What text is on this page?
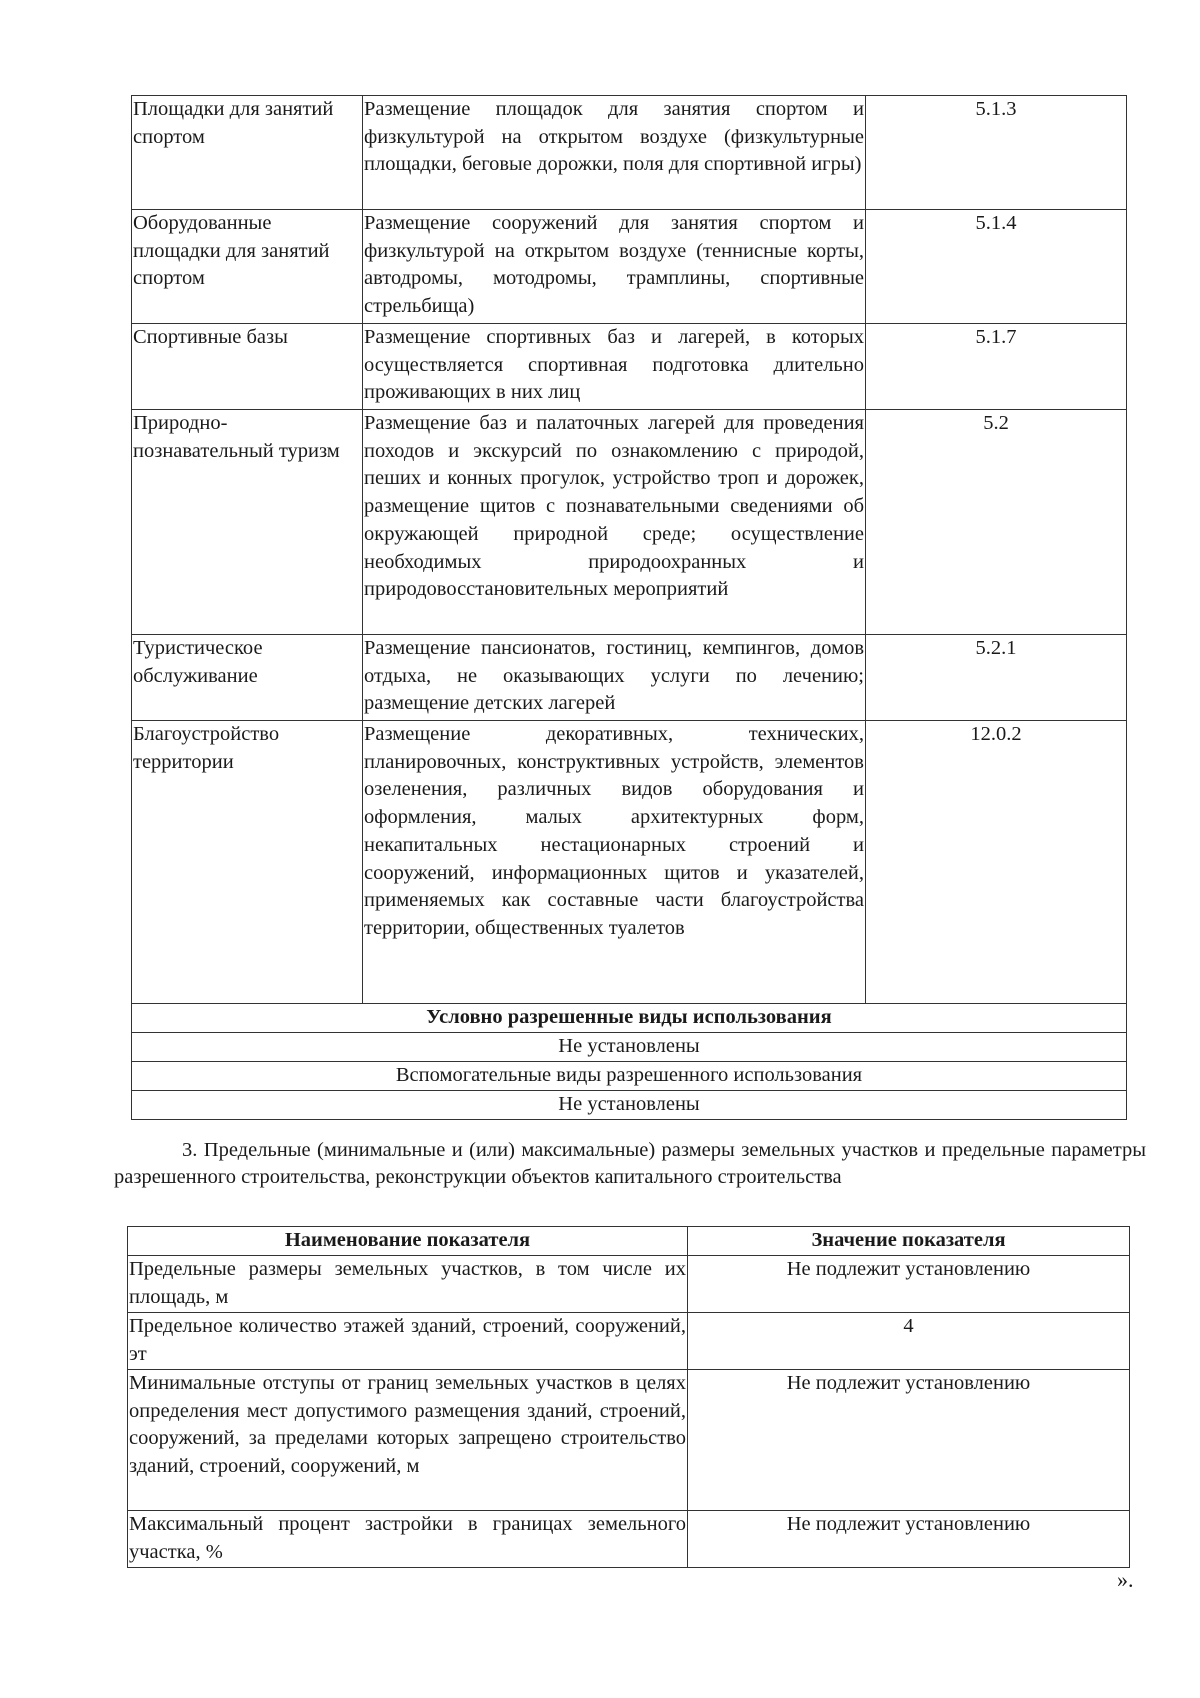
Площадки для занятий спортом	Размещение площадок для занятия спортом и физкультурой на открытом воздухе (физкультурные площадки, беговые дорожки, поля для спортивной игры)	5.1.3
Оборудованные площадки для занятий спортом	Размещение сооружений для занятия спортом и физкультурой на открытом воздухе (теннисные корты, автодромы, мотодромы, трамплины, спортивные стрельбища)	5.1.4
Спортивные базы	Размещение спортивных баз и лагерей, в которых осуществляется спортивная подготовка длительно проживающих в них лиц	5.1.7
Природно-познавательный туризм	Размещение баз и палаточных лагерей для проведения походов и экскурсий по ознакомлению с природой, пеших и конных прогулок, устройство троп и дорожек, размещение щитов с познавательными сведениями об окружающей природной среде; осуществление необходимых природоохранных и природовосстановительных мероприятий	5.2
Туристическое обслуживание	Размещение пансионатов, гостиниц, кемпингов, домов отдыха, не оказывающих услуги по лечению; размещение детских лагерей	5.2.1
Благоустройство территории	Размещение декоративных, технических, планировочных, конструктивных устройств, элементов озеленения, различных видов оборудования и оформления, малых архитектурных форм, некапитальных нестационарных строений и сооружений, информационных щитов и указателей, применяемых как составные части благоустройства территории, общественных туалетов	12.0.2
Условно разрешенные виды использования		
Не установлены		
Вспомогательные виды разрешенного использования		
Не установлены		

3. Предельные (минимальные и (или) максимальные) размеры земельных участков и предельные параметры разрешенного строительства, реконструкции объектов капитального строительства

Наименование показателя	Значение показателя
Предельные размеры земельных участков, в том числе их площадь, м	Не подлежит установлению
Предельное количество этажей зданий, строений, сооружений, эт	4
Минимальные отступы от границ земельных участков в целях определения мест допустимого размещения зданий, строений, сооружений, за пределами которых запрещено строительство зданий, строений, сооружений, м	Не подлежит установлению
Максимальный процент застройки в границах земельного участка, %	Не подлежит установлению
».
